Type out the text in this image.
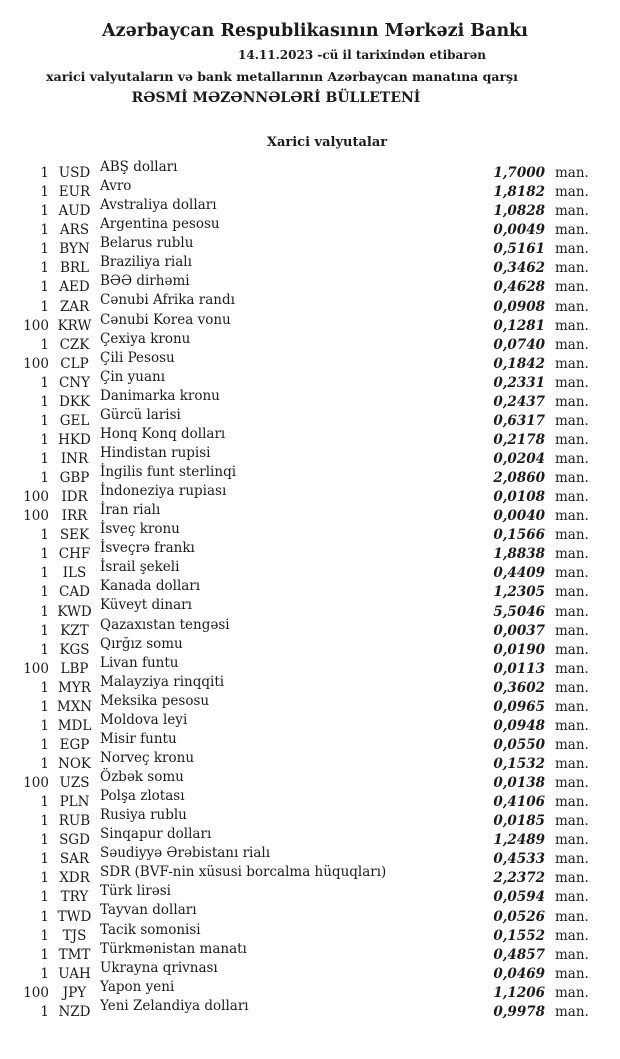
Azərbaycan Respublikasının Mərkəzi Bankı
14.11.2023 -cü il tarixindən etibarən
xarici valyutaların və bank metallarının Azərbaycan manatına qarşı
RƏSMİ MƏZƏNNƏLƏRİ BÜLLETENİ
Xarici valyutalar
1 USD ABŞ dolları	1,7000 man.
1 EUR Avro	1,8182 man.
1 AUD Avstraliya dolları	1,0828 man.
1 ARS Argentina pesosu	0,0049 man.
1 BYN Belarus rublu	0,5161 man.
1 BRL Braziliya rialı	0,3462 man.
1 AED BƏƏ dirhəmi	0,4628 man.
1 ZAR Cənubi Afrika randı	0,0908 man.
100 KRW Cənubi Korea vonu	0,1281 man.
1 CZK Çexiya kronu	0,0740 man.
100 CLP Çili Pesosu	0,1842 man.
1 CNY Çin yuanı	0,2331 man.
1 DKK Danimarka kronu	0,2437 man.
1 GEL Gürcü larisi	0,6317 man.
1 HKD Honq Konq dolları	0,2178 man.
1 INR Hindistan rupisi	0,0204 man.
1 GBP İngilis funt sterlinqi	2,0860 man.
100 IDR İndoneziya rupiası	0,0108 man.
100 IRR İran rialı	0,0040 man.
1 SEK İsveç kronu	0,1566 man.
1 CHF İsveçrə frankı	1,8838 man.
1 ILS İsrail şekeli	0,4409 man.
1 CAD Kanada dolları	1,2305 man.
1 KWD Küveyt dinarı	5,5046 man.
1 KZT Qazaxıstan tengəsi	0,0037 man.
1 KGS Qırğız somu	0,0190 man.
100 LBP Livan funtu	0,0113 man.
1 MYR Malayziya rinqqiti	0,3602 man.
1 MXN Meksika pesosu	0,0965 man.
1 MDL Moldova leyi	0,0948 man.
1 EGP Misir funtu	0,0550 man.
1 NOK Norveç kronu	0,1532 man.
100 UZS Özbək somu	0,0138 man.
1 PLN Polşa zlotası	0,4106 man.
1 RUB Rusiya rublu	0,0185 man.
1 SGD Sinqapur dolları	1,2489 man.
1 SAR Səudiyyə Ərəbistanı rialı	0,4533 man.
1 XDR SDR (BVF-nin xüsusi borcalma hüquqları)	2,2372 man.
1 TRY Türk lirəsi	0,0594 man.
1 TWD Tayvan dolları	0,0526 man.
1 TJS Tacik somonisi	0,1552 man.
1 TMT Türkmənistan manatı	0,4857 man.
1 UAH Ukrayna qrivnası	0,0469 man.
100 JPY Yapon yeni	1,1206 man.
1 NZD Yeni Zelandiya dolları	0,9978 man.
